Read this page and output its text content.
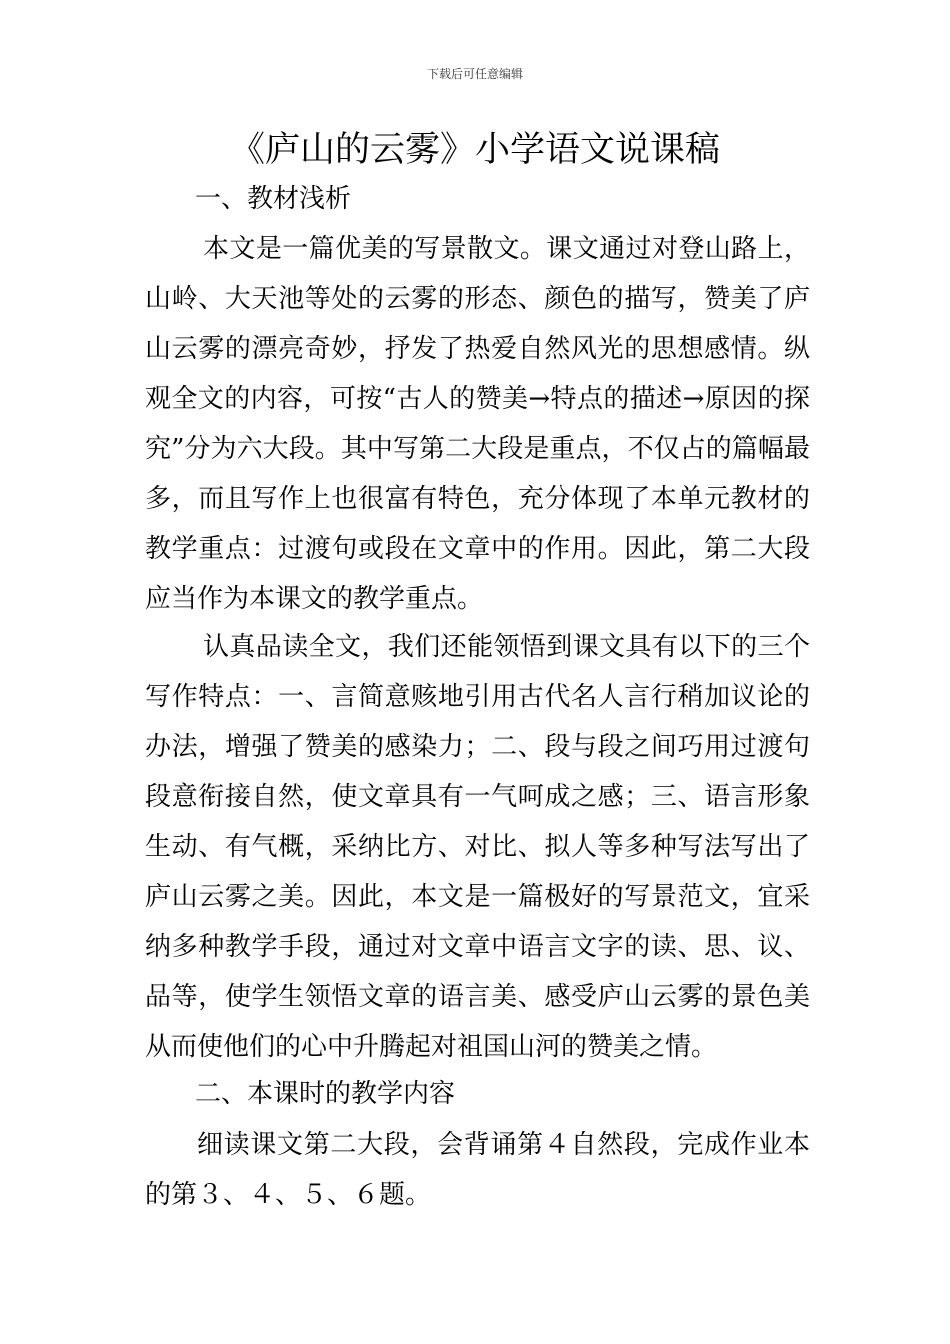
下载后可任意编辑
《庐山的云雾》小学语文说课稿
一、教材浅析

本文是一篇优美的写景散文。课文通过对登山路上，山岭、大天池等处的云雾的形态、颜色的描写，赞美了庐山云雾的漂亮奇妙，抒发了热爱自然风光的思想感情。纵观全文的内容，可按“古人的赞美→特点的描述→原因的探究”分为六大段。其中写第二大段是重点，不仅占的篇幅最多，而且写作上也很富有特色，充分体现了本单元教材的教学重点：过渡句或段在文章中的作用。因此，第二大段应当作为本课文的教学重点。

认真品读全文，我们还能领悟到课文具有以下的三个写作特点：一、言简意赅地引用古代名人言行稍加议论的办法，增强了赞美的感染力；二、段与段之间巧用过渡句段意衔接自然，使文章具有一气呵成之感；三、语言形象生动、有气概，采纳比方、对比、拟人等多种写法写出了庐山云雾之美。因此，本文是一篇极好的写景范文，宜采纳多种教学手段，通过对文章中语言文字的读、思、议、品等，使学生领悟文章的语言美、感受庐山云雾的景色美从而使他们的心中升腾起对祖国山河的赞美之情。

二、本课时的教学内容

细读课文第二大段，会背诵第４自然段，完成作业本的第３、４、５、６题。
